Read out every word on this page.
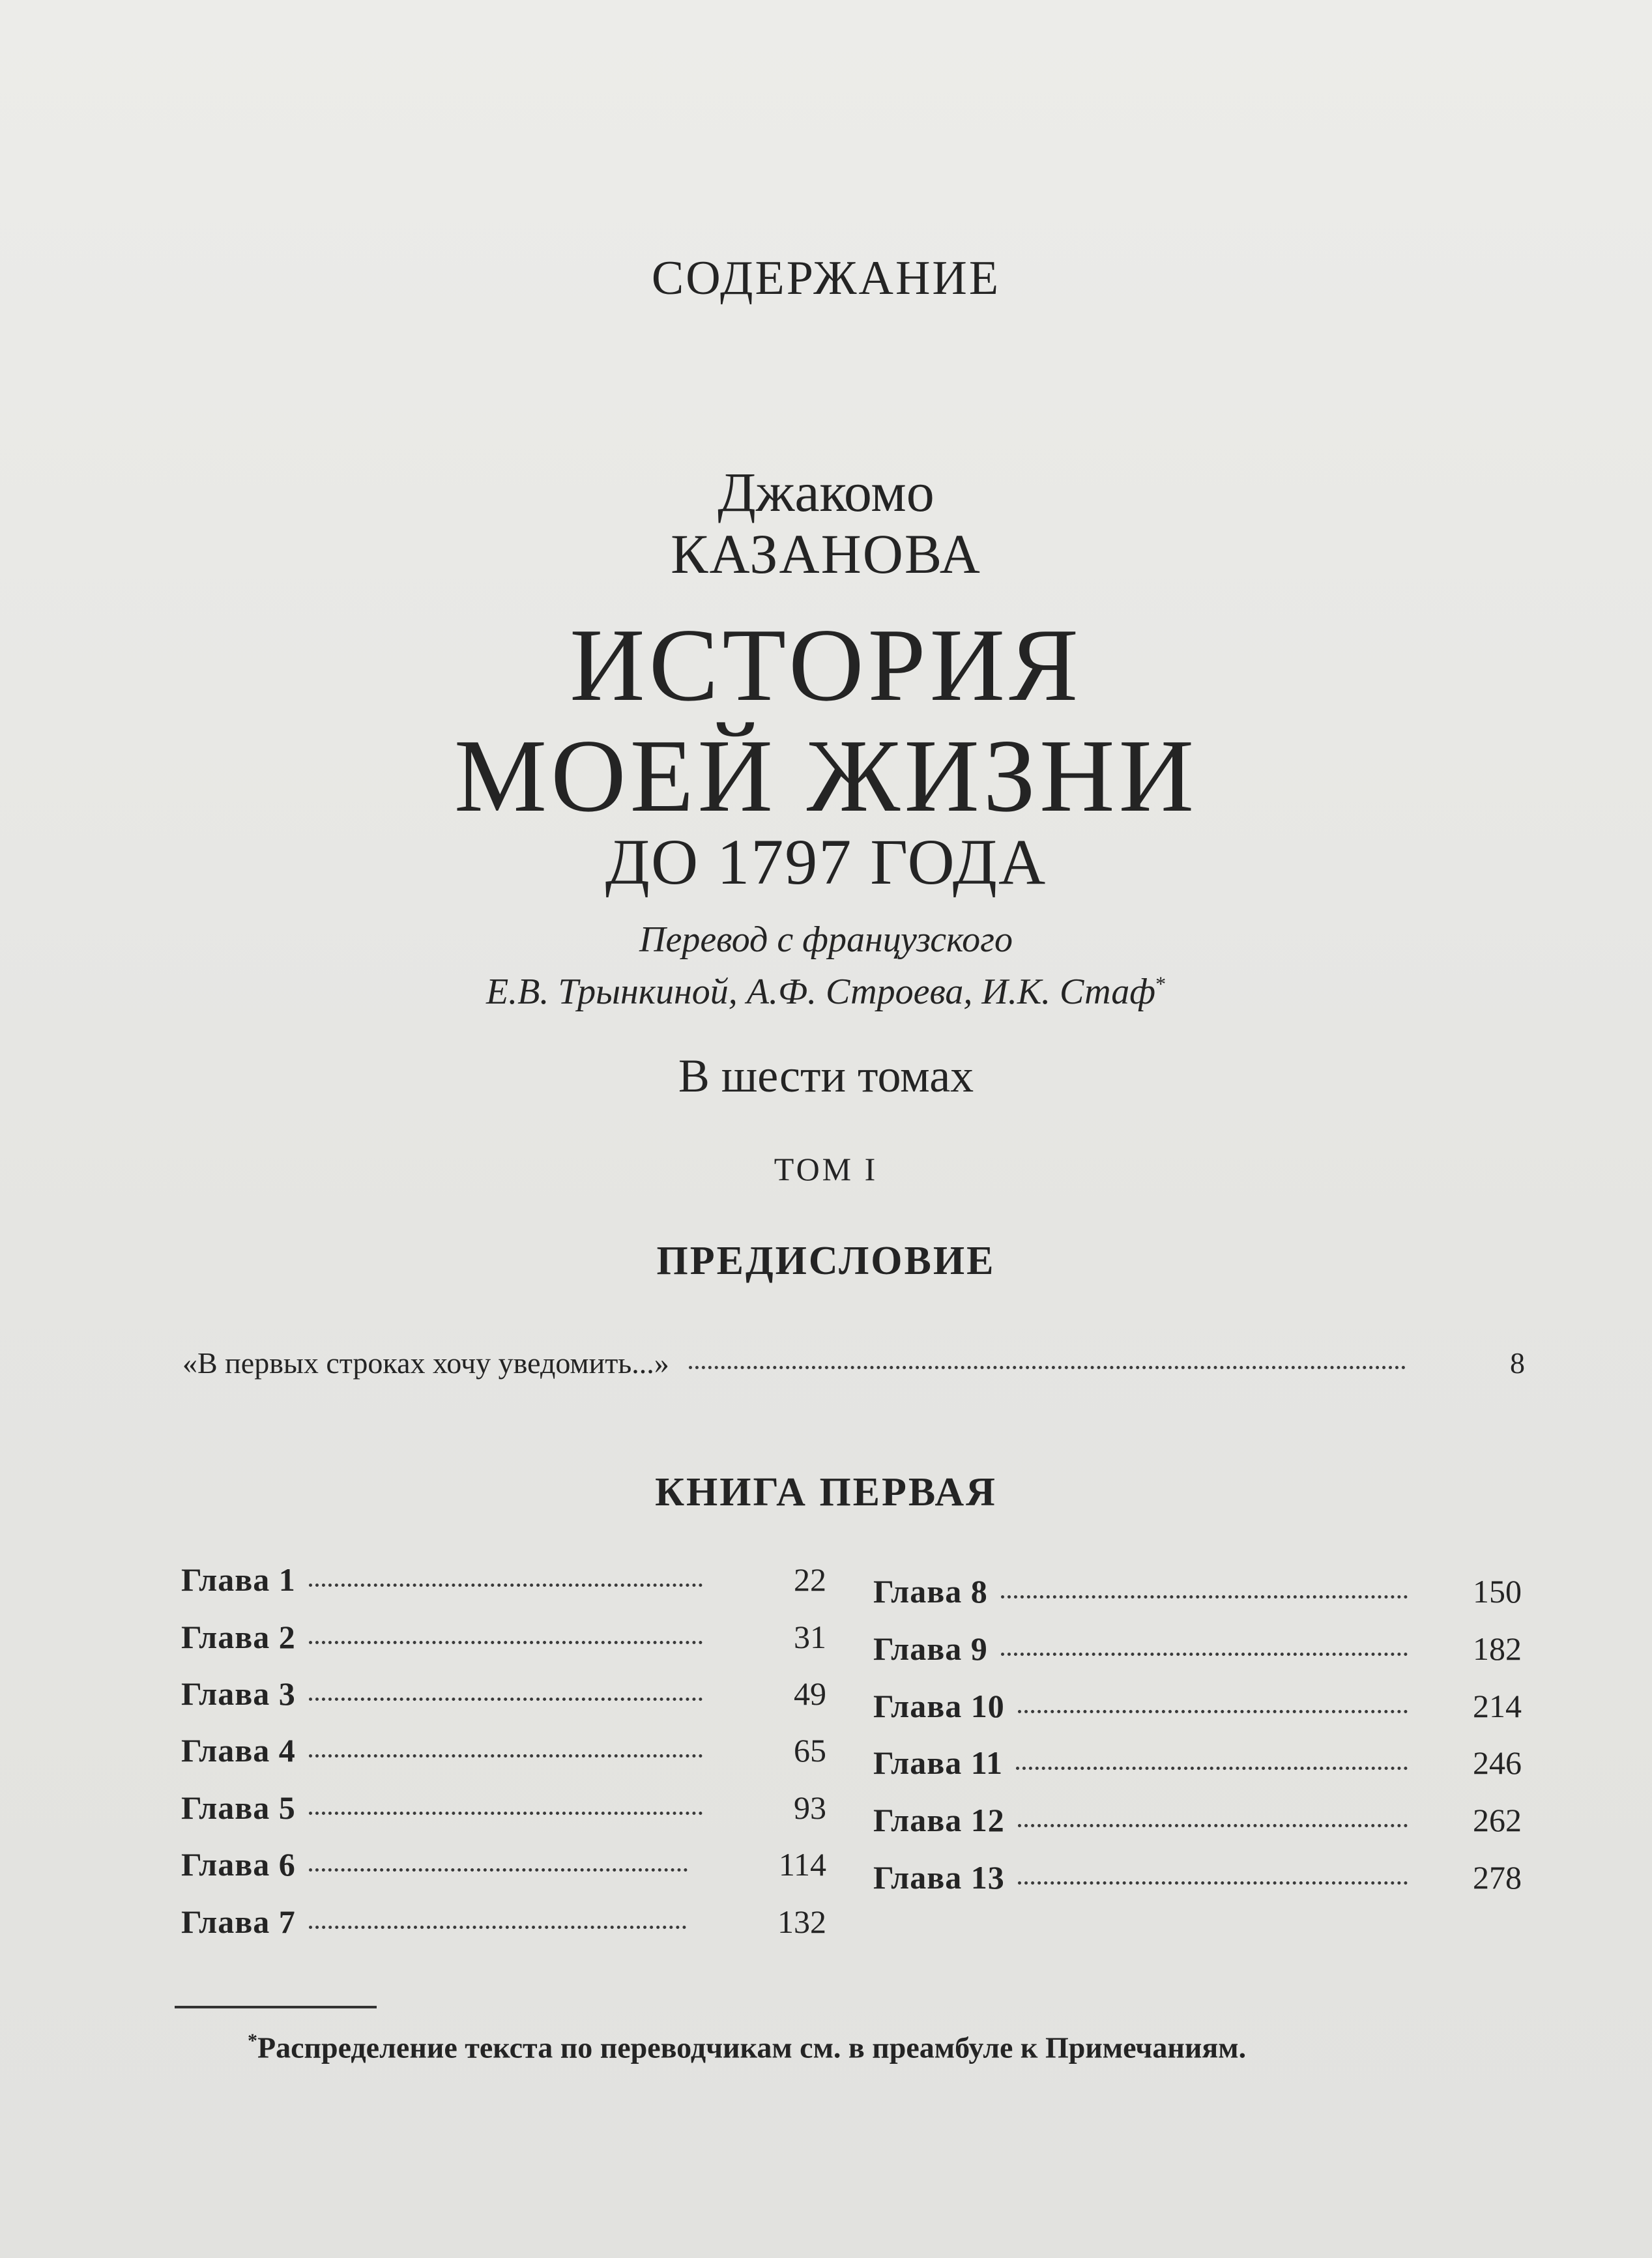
СОДЕРЖАНИЕ
Джакомо
КАЗАНОВА
ИСТОРИЯ
МОЕЙ ЖИЗНИ
ДО 1797 ГОДА
Перевод с французского
Е.В. Трынкиной, А.Ф. Строева, И.К. Стаф*
В шести томах
ТОМ I
ПРЕДИСЛОВИЕ
«В первых строках хочу уведомить...»	8
КНИГА ПЕРВАЯ
Глава 1	22
Глава 2	31
Глава 3	49
Глава 4	65
Глава 5	93
Глава 6	114
Глава 7	132
Глава 8	150
Глава 9	182
Глава 10	214
Глава 11	246
Глава 12	262
Глава 13	278
*Распределение текста по переводчикам см. в преамбуле к Примечаниям.
